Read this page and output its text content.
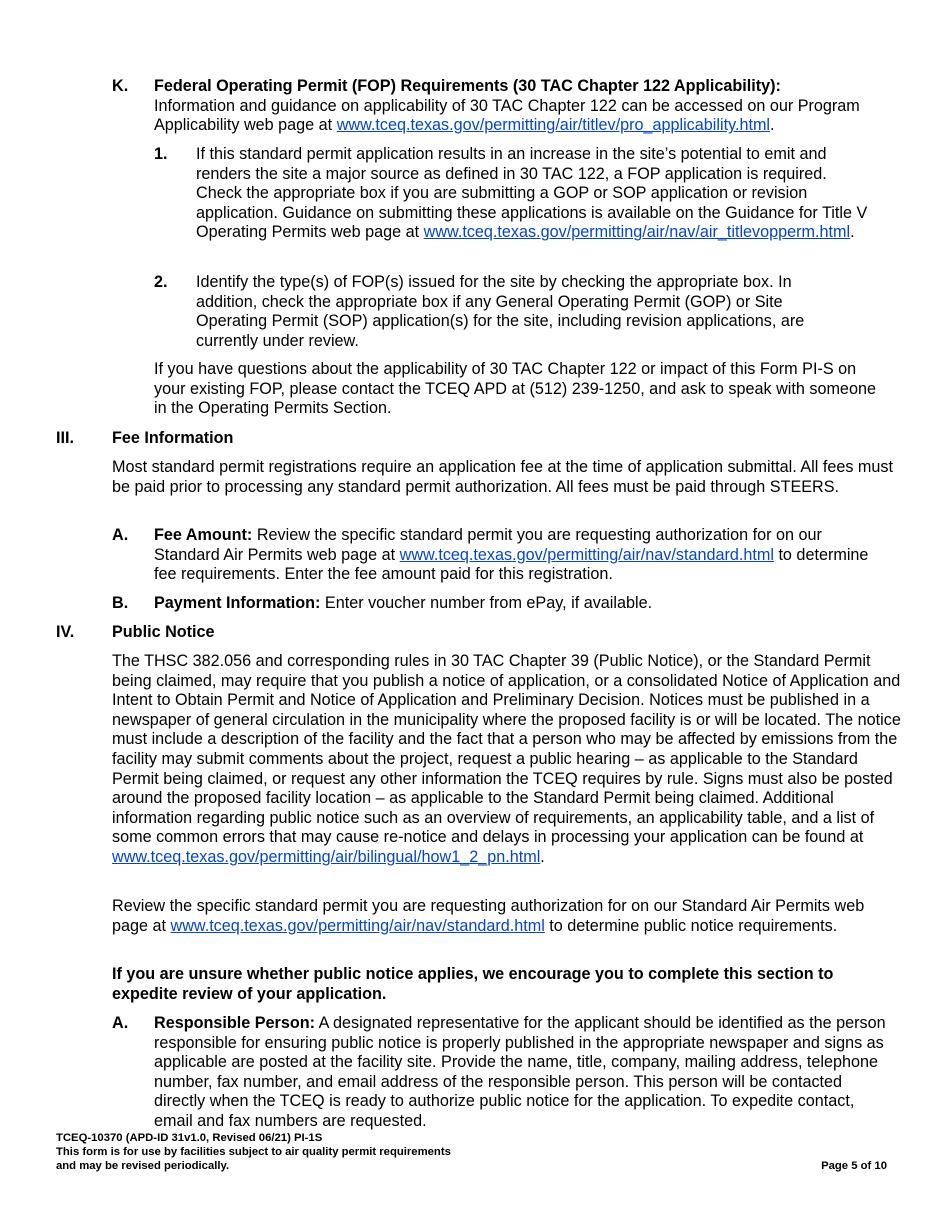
K. Federal Operating Permit (FOP) Requirements (30 TAC Chapter 122 Applicability):

Information and guidance on applicability of 30 TAC Chapter 122 can be accessed on our Program Applicability web page at www.tceq.texas.gov/permitting/air/titlev/pro_applicability.html.

1. If this standard permit application results in an increase in the site’s potential to emit and renders the site a major source as defined in 30 TAC 122, a FOP application is required. Check the appropriate box if you are submitting a GOP or SOP application or revision application. Guidance on submitting these applications is available on the Guidance for Title V Operating Permits web page at www.tceq.texas.gov/permitting/air/nav/air_titlevopperm.html.

2. Identify the type(s) of FOP(s) issued for the site by checking the appropriate box. In addition, check the appropriate box if any General Operating Permit (GOP) or Site Operating Permit (SOP) application(s) for the site, including revision applications, are currently under review.

If you have questions about the applicability of 30 TAC Chapter 122 or impact of this Form PI-S on your existing FOP, please contact the TCEQ APD at (512) 239-1250, and ask to speak with someone in the Operating Permits Section.

III. Fee Information

Most standard permit registrations require an application fee at the time of application submittal. All fees must be paid prior to processing any standard permit authorization. All fees must be paid through STEERS.

A. Fee Amount: Review the specific standard permit you are requesting authorization for on our Standard Air Permits web page at www.tceq.texas.gov/permitting/air/nav/standard.html to determine fee requirements. Enter the fee amount paid for this registration.

B. Payment Information: Enter voucher number from ePay, if available.

IV. Public Notice

The THSC 382.056 and corresponding rules in 30 TAC Chapter 39 (Public Notice), or the Standard Permit being claimed, may require that you publish a notice of application, or a consolidated Notice of Application and Intent to Obtain Permit and Notice of Application and Preliminary Decision. Notices must be published in a newspaper of general circulation in the municipality where the proposed facility is or will be located. The notice must include a description of the facility and the fact that a person who may be affected by emissions from the facility may submit comments about the project, request a public hearing – as applicable to the Standard Permit being claimed, or request any other information the TCEQ requires by rule. Signs must also be posted around the proposed facility location – as applicable to the Standard Permit being claimed. Additional information regarding public notice such as an overview of requirements, an applicability table, and a list of some common errors that may cause re-notice and delays in processing your application can be found at www.tceq.texas.gov/permitting/air/bilingual/how1_2_pn.html.

Review the specific standard permit you are requesting authorization for on our Standard Air Permits web page at www.tceq.texas.gov/permitting/air/nav/standard.html to determine public notice requirements.

If you are unsure whether public notice applies, we encourage you to complete this section to expedite review of your application.

A. Responsible Person: A designated representative for the applicant should be identified as the person responsible for ensuring public notice is properly published in the appropriate newspaper and signs as applicable are posted at the facility site. Provide the name, title, company, mailing address, telephone number, fax number, and email address of the responsible person. This person will be contacted directly when the TCEQ is ready to authorize public notice for the application. To expedite contact, email and fax numbers are requested.

TCEQ-10370 (APD-ID 31v1.0, Revised 06/21) PI-1S
This form is for use by facilities subject to air quality permit requirements
and may be revised periodically.	Page 5 of 10
